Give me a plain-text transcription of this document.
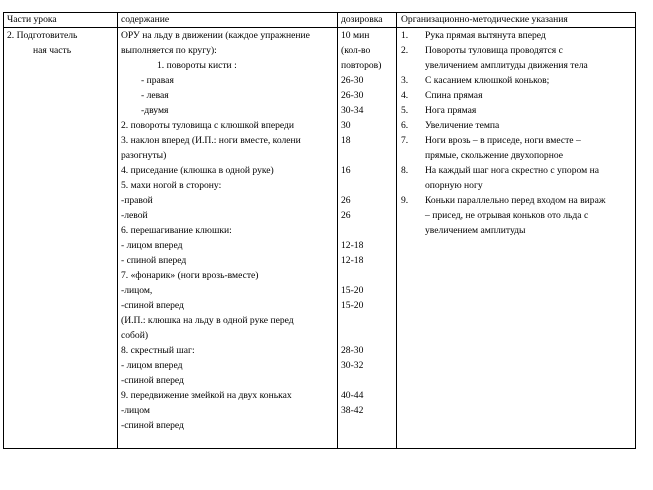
Части урока	содержание	дозировка Организационно-методические указания
2. Подготовитель
ная часть
ОРУ на льду в движении (каждое упражнение
выполняется по кругу):
1. повороты кисти :
- правая
- левая
-двумя
2. повороты туловища с клюшкой впереди
3. наклон вперед (И.П.: ноги вместе, колени
разогнуты)
4. приседание (клюшка в одной руке)
5. махи ногой в сторону:
-правой
-левой
6. перешагивание клюшки:
- лицом вперед
- спиной вперед
7. «фонарик» (ноги врозь-вместе)
-лицом,
-спиной вперед
(И.П.: клюшка на льду в одной руке перед
собой)
8. скрестный шаг:
- лицом вперед
-спиной вперед
9. передвижение змейкой на двух коньках
-лицом
-спиной вперед
10 мин
(кол-во
повторов)
26-30
26-30
30-34
30
18
16
26
26
12-18
12-18
15-20
15-20
28-30
30-32
40-44
38-42
1. Рука прямая вытянута вперед
2. Повороты туловища проводятся с
увеличением амплитуды движения тела
3. С касанием клюшкой коньков;
4. Спина прямая
5. Нога прямая
6. Увеличение темпа
7. Ноги врозь – в приседе, ноги вместе –
прямые, скольжение двухопорное
8. На каждый шаг нога скрестно с упором на
опорную ногу
9. Коньки параллельно перед входом на вираж
– присед, не отрывая коньков ото льда с
увеличением амплитуды
